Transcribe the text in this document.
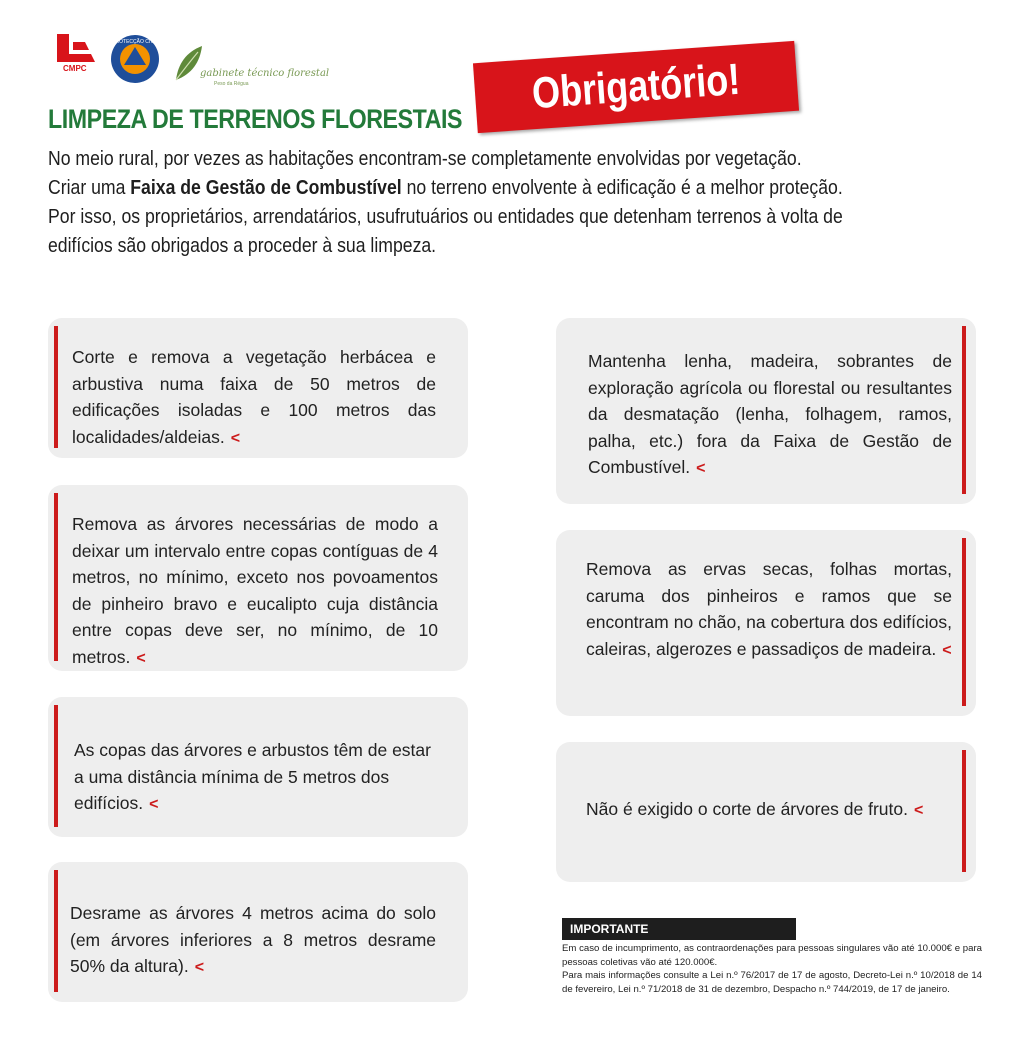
CMPC
PROTECÇÃO CIVIL
gabinete técnico florestal
Peso da Régua
LIMPEZA DE TERRENOS FLORESTAIS
Obrigatório!

No meio rural, por vezes as habitações encontram-se completamente envolvidas por vegetação.

Criar uma Faixa de Gestão de Combustível no terreno envolvente à edificação é a melhor proteção.

Por isso, os proprietários, arrendatários, usufrutuários ou entidades que detenham terrenos à volta de

edifícios são obrigados a proceder à sua limpeza.

Corte e remova a vegetação herbácea e arbustiva numa faixa de 50 metros de edificações isoladas e 100 metros das localidades/aldeias. <
Remova as árvores necessárias de modo a deixar um intervalo entre copas contíguas de 4 metros, no mínimo, exceto nos povoamentos de pinheiro bravo e eucalipto cuja distância entre copas deve ser, no mínimo, de 10 metros. <
As copas das árvores e arbustos têm de estar a uma distância mínima de 5 metros dos edifícios. <
Desrame as árvores 4 metros acima do solo (em árvores inferiores a 8 metros desrame 50% da altura). <
Mantenha lenha, madeira, sobrantes de exploração agrícola ou florestal ou resultantes da desmatação (lenha, folhagem, ramos, palha, etc.) fora da Faixa de Gestão de Combustível. <
Remova as ervas secas, folhas mortas, caruma dos pinheiros e ramos que se encontram no chão, na cobertura dos edifícios, caleiras, algerozes e passadiços de madeira. <
Não é exigido o corte de árvores de fruto. <
IMPORTANTE

Em caso de incumprimento, as contraordenações para pessoas singulares vão até 10.000€ e para pessoas coletivas vão até 120.000€.

Para mais informações consulte a Lei n.º 76/2017 de 17 de agosto, Decreto-Lei n.º 10/2018 de 14 de fevereiro, Lei n.º 71/2018 de 31 de dezembro, Despacho n.º 744/2019, de 17 de janeiro.
